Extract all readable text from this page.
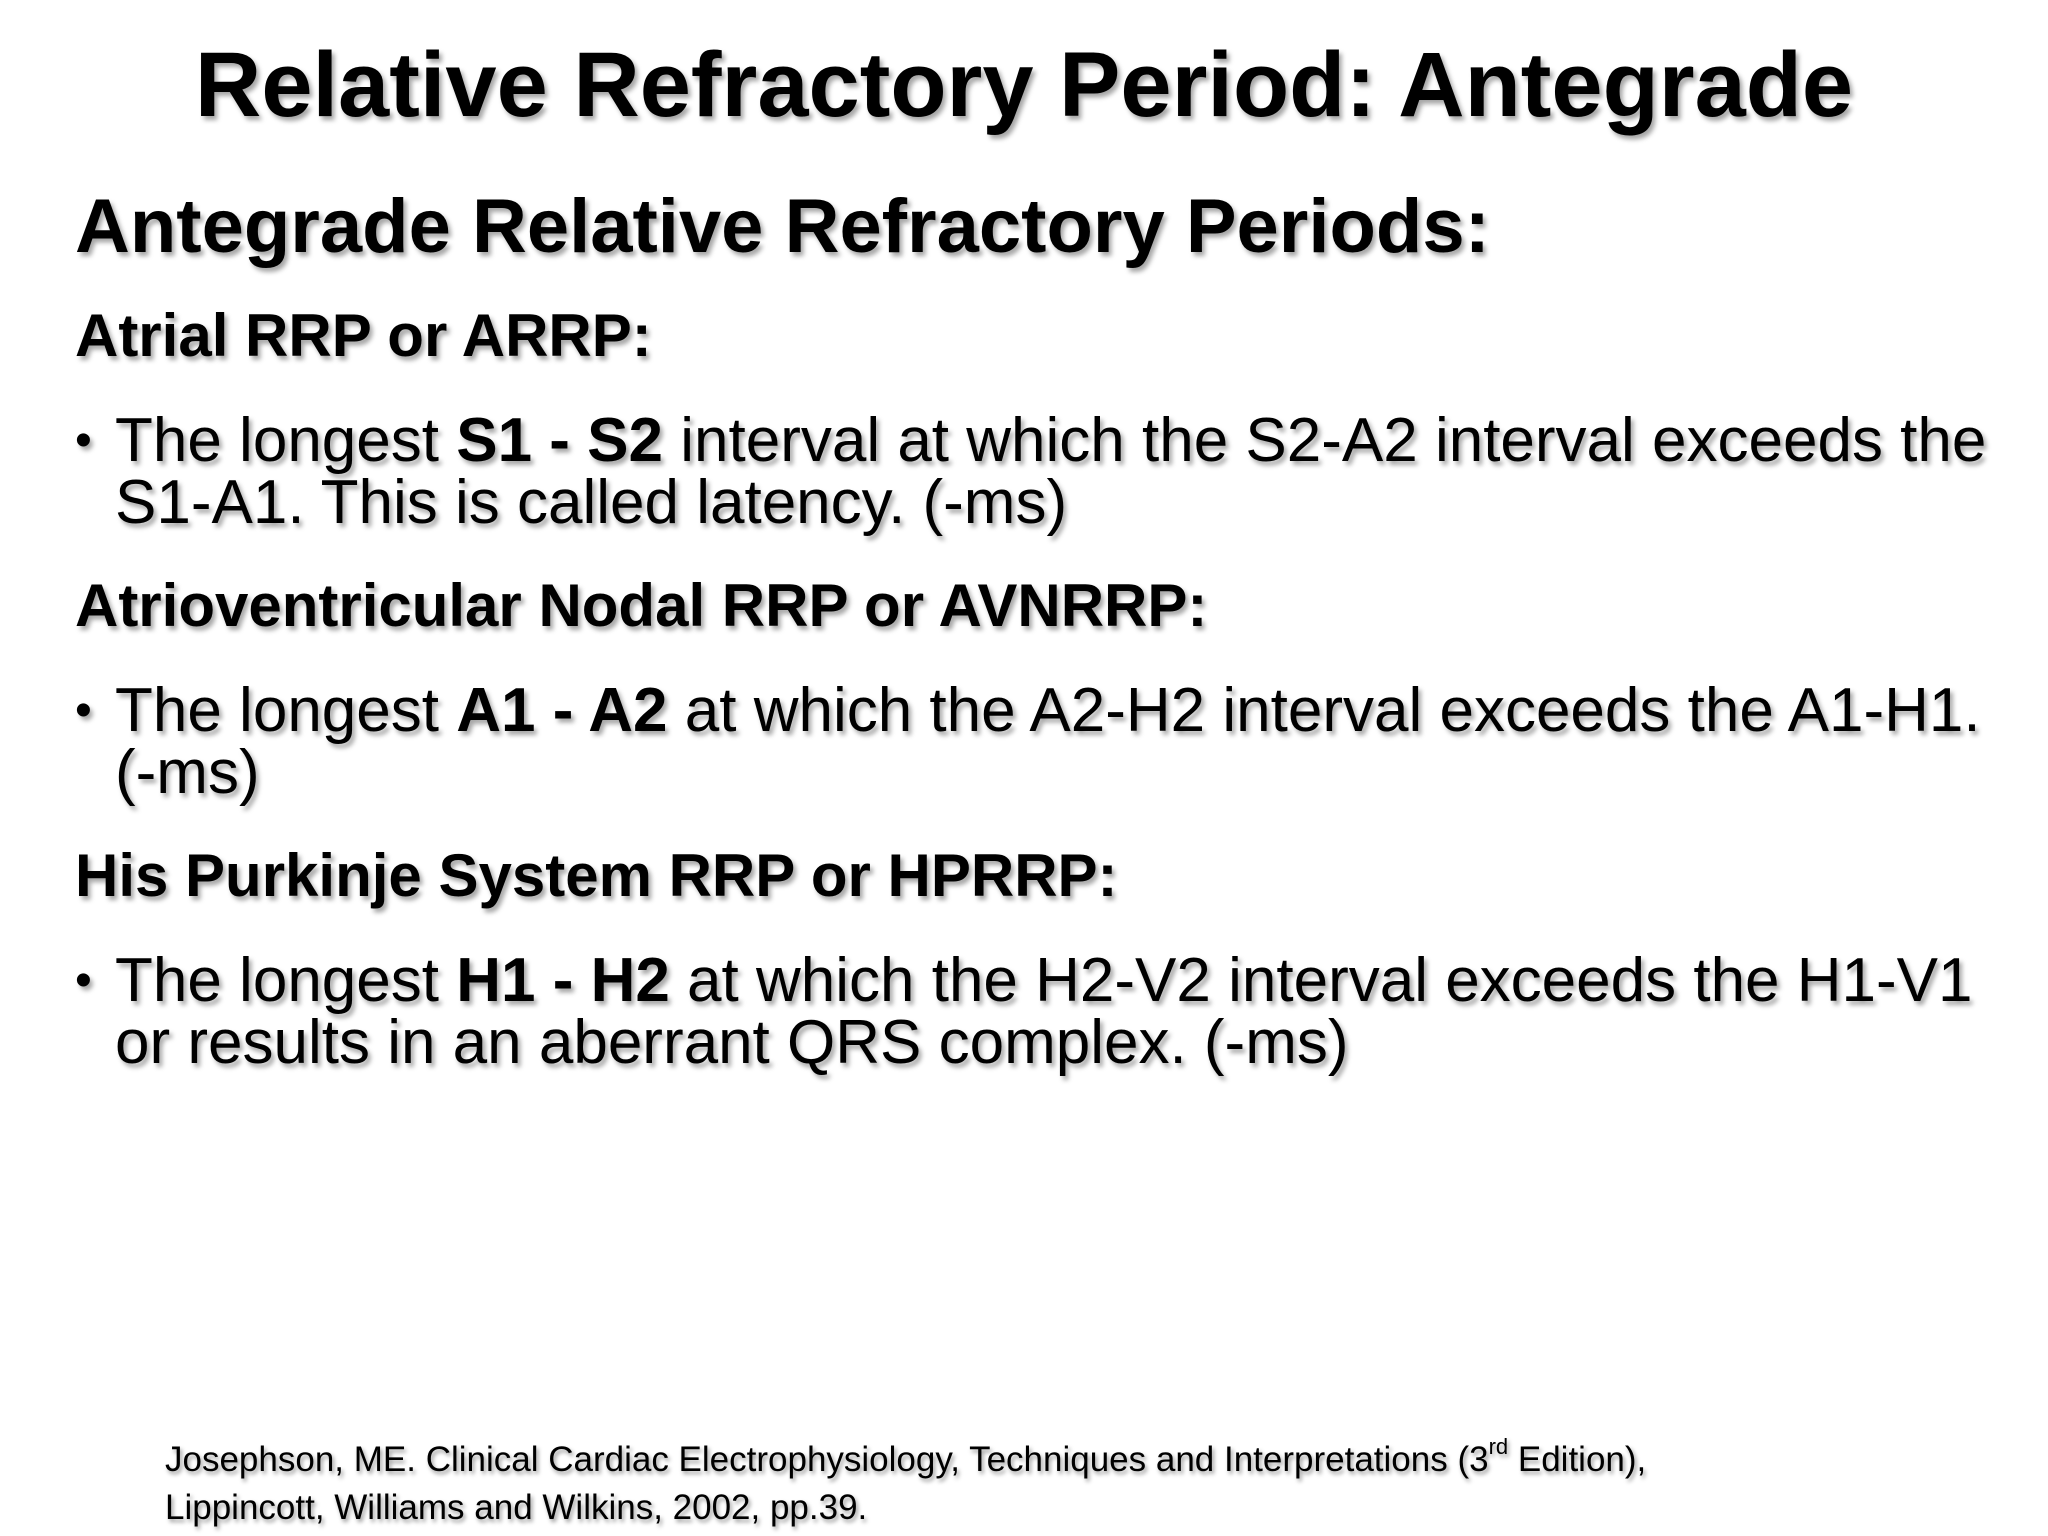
Relative Refractory Period: Antegrade
Antegrade Relative Refractory Periods:
Atrial RRP or ARRP:
• The longest S1 - S2 interval at which the S2-A2 interval exceeds the S1-A1. This is called latency. (-ms)
Atrioventricular Nodal RRP or AVNRRP:
• The longest A1 - A2 at which the A2-H2 interval exceeds the A1-H1. (-ms)
His Purkinje System RRP or HPRRP:
• The longest H1 - H2 at which the H2-V2 interval exceeds the H1-V1 or results in an aberrant QRS complex. (-ms)
Josephson, ME. Clinical Cardiac Electrophysiology, Techniques and Interpretations (3rd Edition), Lippincott, Williams and Wilkins, 2002, pp.39.
